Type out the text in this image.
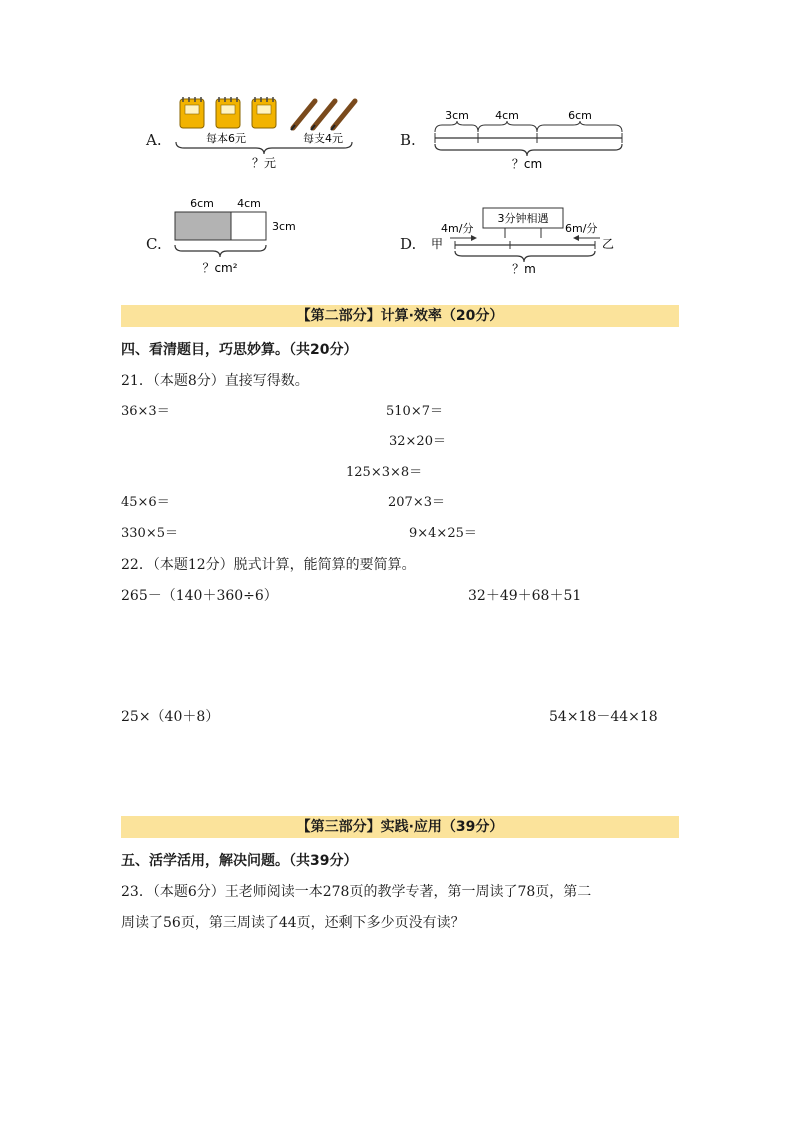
A.	每本6元	每支4元
？元
B.
3cm 4cm	6cm
？cm
C.
6cm 4cm
3cm
？cm²
D.
3分钟相遇
4m/分	6m/分
甲	乙
？m
【第二部分】计算·效率（20分）
四、看清题目，巧思妙算。（共20分）
21．（本题8分）直接写得数。
36×3＝	510×7＝
32×20＝
125×3×8＝
45×6＝	207×3＝
330×5＝	9×4×25＝
22．（本题12分）脱式计算，能简算的要简算。
265－（140＋360÷6）	32＋49＋68＋51
25×（40＋8）	54×18－44×18
【第三部分】实践·应用（39分）
五、活学活用，解决问题。（共39分）
23．（本题6分）王老师阅读一本278页的教学专著，第一周读了78页，第二
周读了56页，第三周读了44页，还剩下多少页没有读？
